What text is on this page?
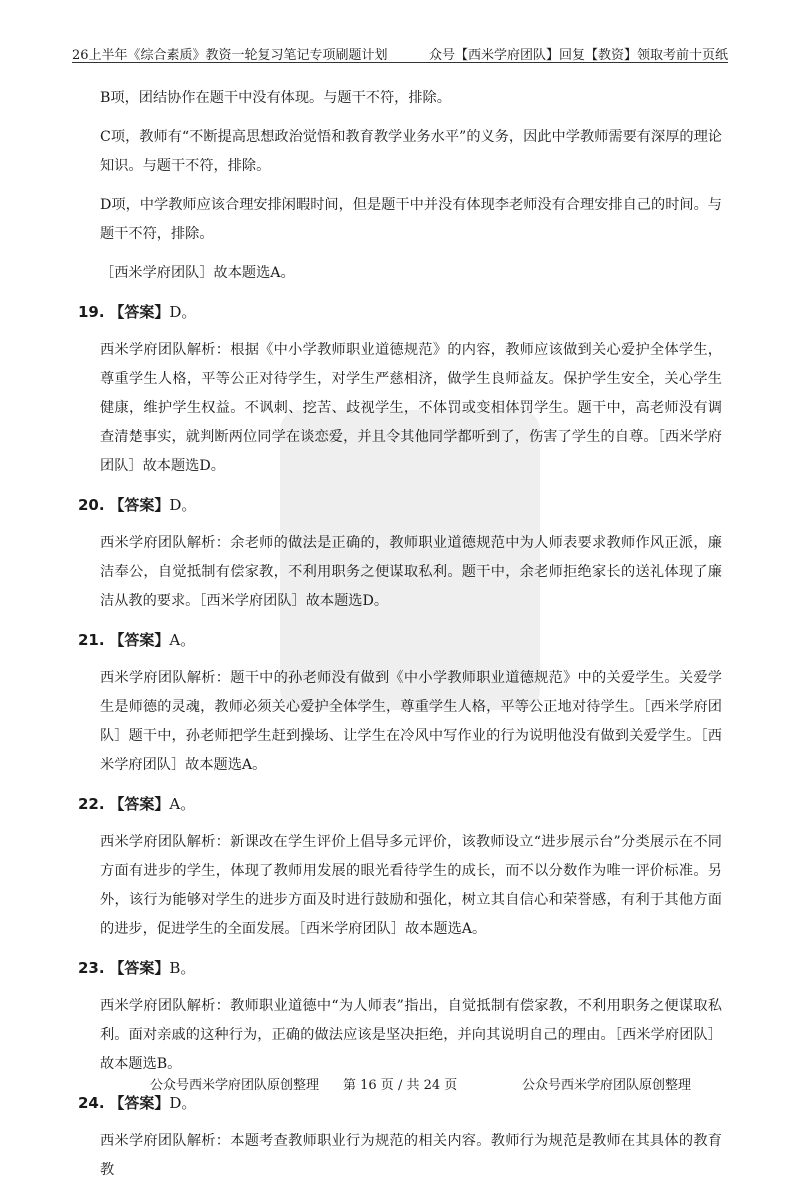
26上半年《综合素质》教资一轮复习笔记专项刷题计划	众号【西米学府团队】回复【教资】领取考前十页纸

B项，团结协作在题干中没有体现。与题干不符，排除。

C项，教师有“不断提高思想政治觉悟和教育教学业务水平”的义务，因此中学教师需要有深厚的理论知识。与题干不符，排除。

D项，中学教师应该合理安排闲暇时间，但是题干中并没有体现李老师没有合理安排自己的时间。与题干不符，排除。

［西米学府团队］故本题选A。

19. 【答案】D。

西米学府团队解析：根据《中小学教师职业道德规范》的内容，教师应该做到关心爱护全体学生，尊重学生人格，平等公正对待学生，对学生严慈相济，做学生良师益友。保护学生安全，关心学生健康，维护学生权益。不讽刺、挖苦、歧视学生，不体罚或变相体罚学生。题干中，高老师没有调查清楚事实，就判断两位同学在谈恋爱，并且令其他同学都听到了，伤害了学生的自尊。［西米学府团队］故本题选D。

20. 【答案】D。

西米学府团队解析：余老师的做法是正确的，教师职业道德规范中为人师表要求教师作风正派，廉洁奉公，自觉抵制有偿家教，不利用职务之便谋取私利。题干中，余老师拒绝家长的送礼体现了廉洁从教的要求。［西米学府团队］故本题选D。

21. 【答案】A。

西米学府团队解析：题干中的孙老师没有做到《中小学教师职业道德规范》中的关爱学生。关爱学生是师德的灵魂，教师必须关心爱护全体学生，尊重学生人格，平等公正地对待学生。［西米学府团队］题干中，孙老师把学生赶到操场、让学生在冷风中写作业的行为说明他没有做到关爱学生。［西米学府团队］故本题选A。

22. 【答案】A。

西米学府团队解析：新课改在学生评价上倡导多元评价，该教师设立“进步展示台”分类展示在不同方面有进步的学生，体现了教师用发展的眼光看待学生的成长，而不以分数作为唯一评价标准。另外，该行为能够对学生的进步方面及时进行鼓励和强化，树立其自信心和荣誉感，有利于其他方面的进步，促进学生的全面发展。［西米学府团队］故本题选A。

23. 【答案】B。

西米学府团队解析：教师职业道德中“为人师表”指出，自觉抵制有偿家教，不利用职务之便谋取私利。面对亲戚的这种行为，正确的做法应该是坚决拒绝，并向其说明自己的理由。［西米学府团队］故本题选B。

24. 【答案】D。

西米学府团队解析：本题考查教师职业行为规范的相关内容。教师行为规范是教师在其具体的教育教

公众号西米学府团队原创整理 第 16 页 / 共 24 页	公众号西米学府团队原创整理
